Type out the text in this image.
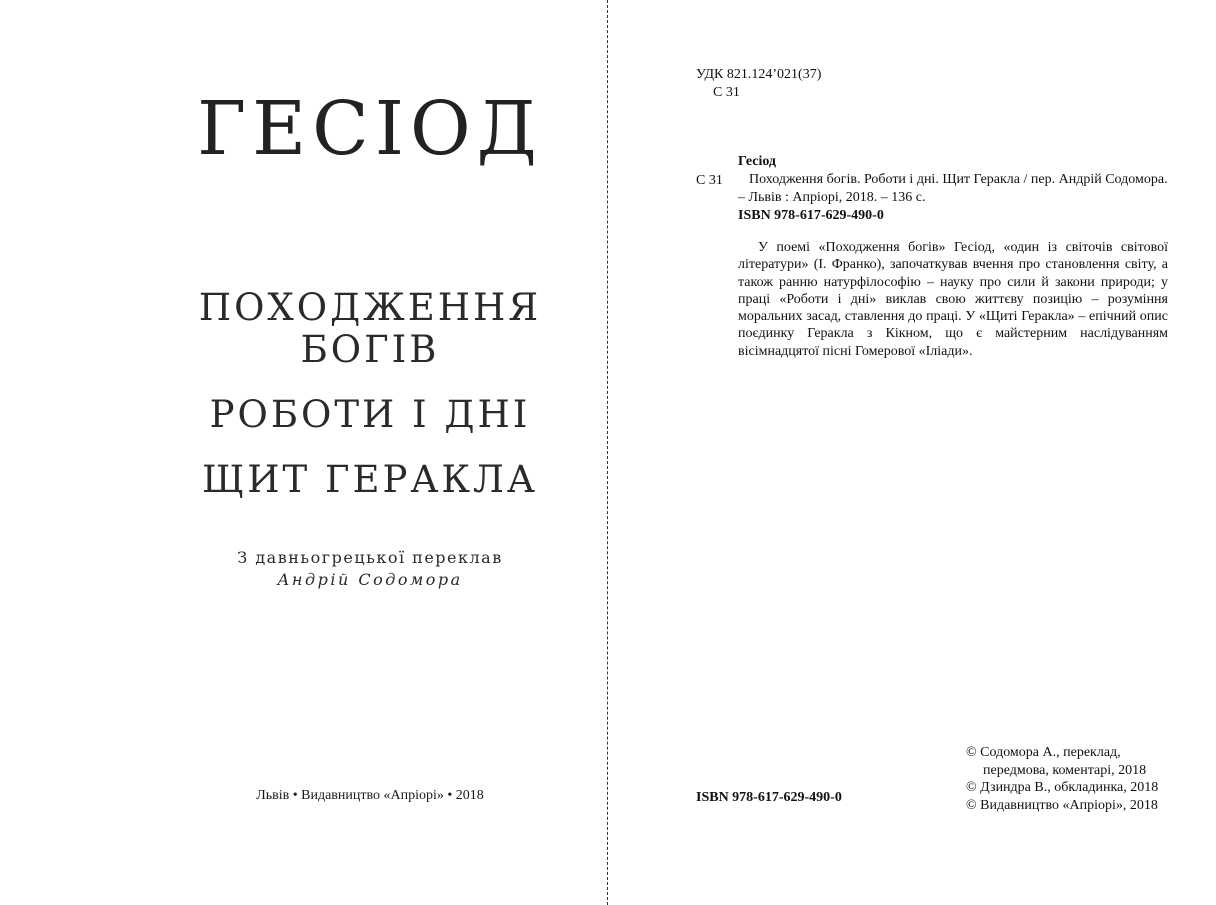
ГЕСІОД
ПОХОДЖЕННЯ БОГІВ
РОБОТИ І ДНІ
ЩИТ ГЕРАКЛА
З давньогрецької переклав
Андрій Содомора
Львів • Видавництво «Апріорі» • 2018
УДК 821.124’021(37)
С 31
Гесіод
С 31	Походження богів. Роботи і дні. Щит Геракла / пер. Андрій Содомора. – Львів : Апріорі, 2018. – 136 с.
ISBN 978-617-629-490-0
У поемі «Походження богів» Гесіод, «один із світочів світової літератури» (І. Франко), започаткував вчення про становлення світу, а також ранню натурфілософію – науку про сили й закони природи; у праці «Роботи і дні» виклав свою життєву позицію – розуміння моральних засад, ставлення до праці. У «Щиті Геракла» – епічний опис поєдинку Геракла з Кікном, що є майстерним наслідуванням вісімнадцятої пісні Гомерової «Іліади».
ISBN 978-617-629-490-0
© Содомора А., переклад,
передмова, коментарі, 2018
© Дзиндра В., обкладинка, 2018
© Видавництво «Апріорі», 2018
